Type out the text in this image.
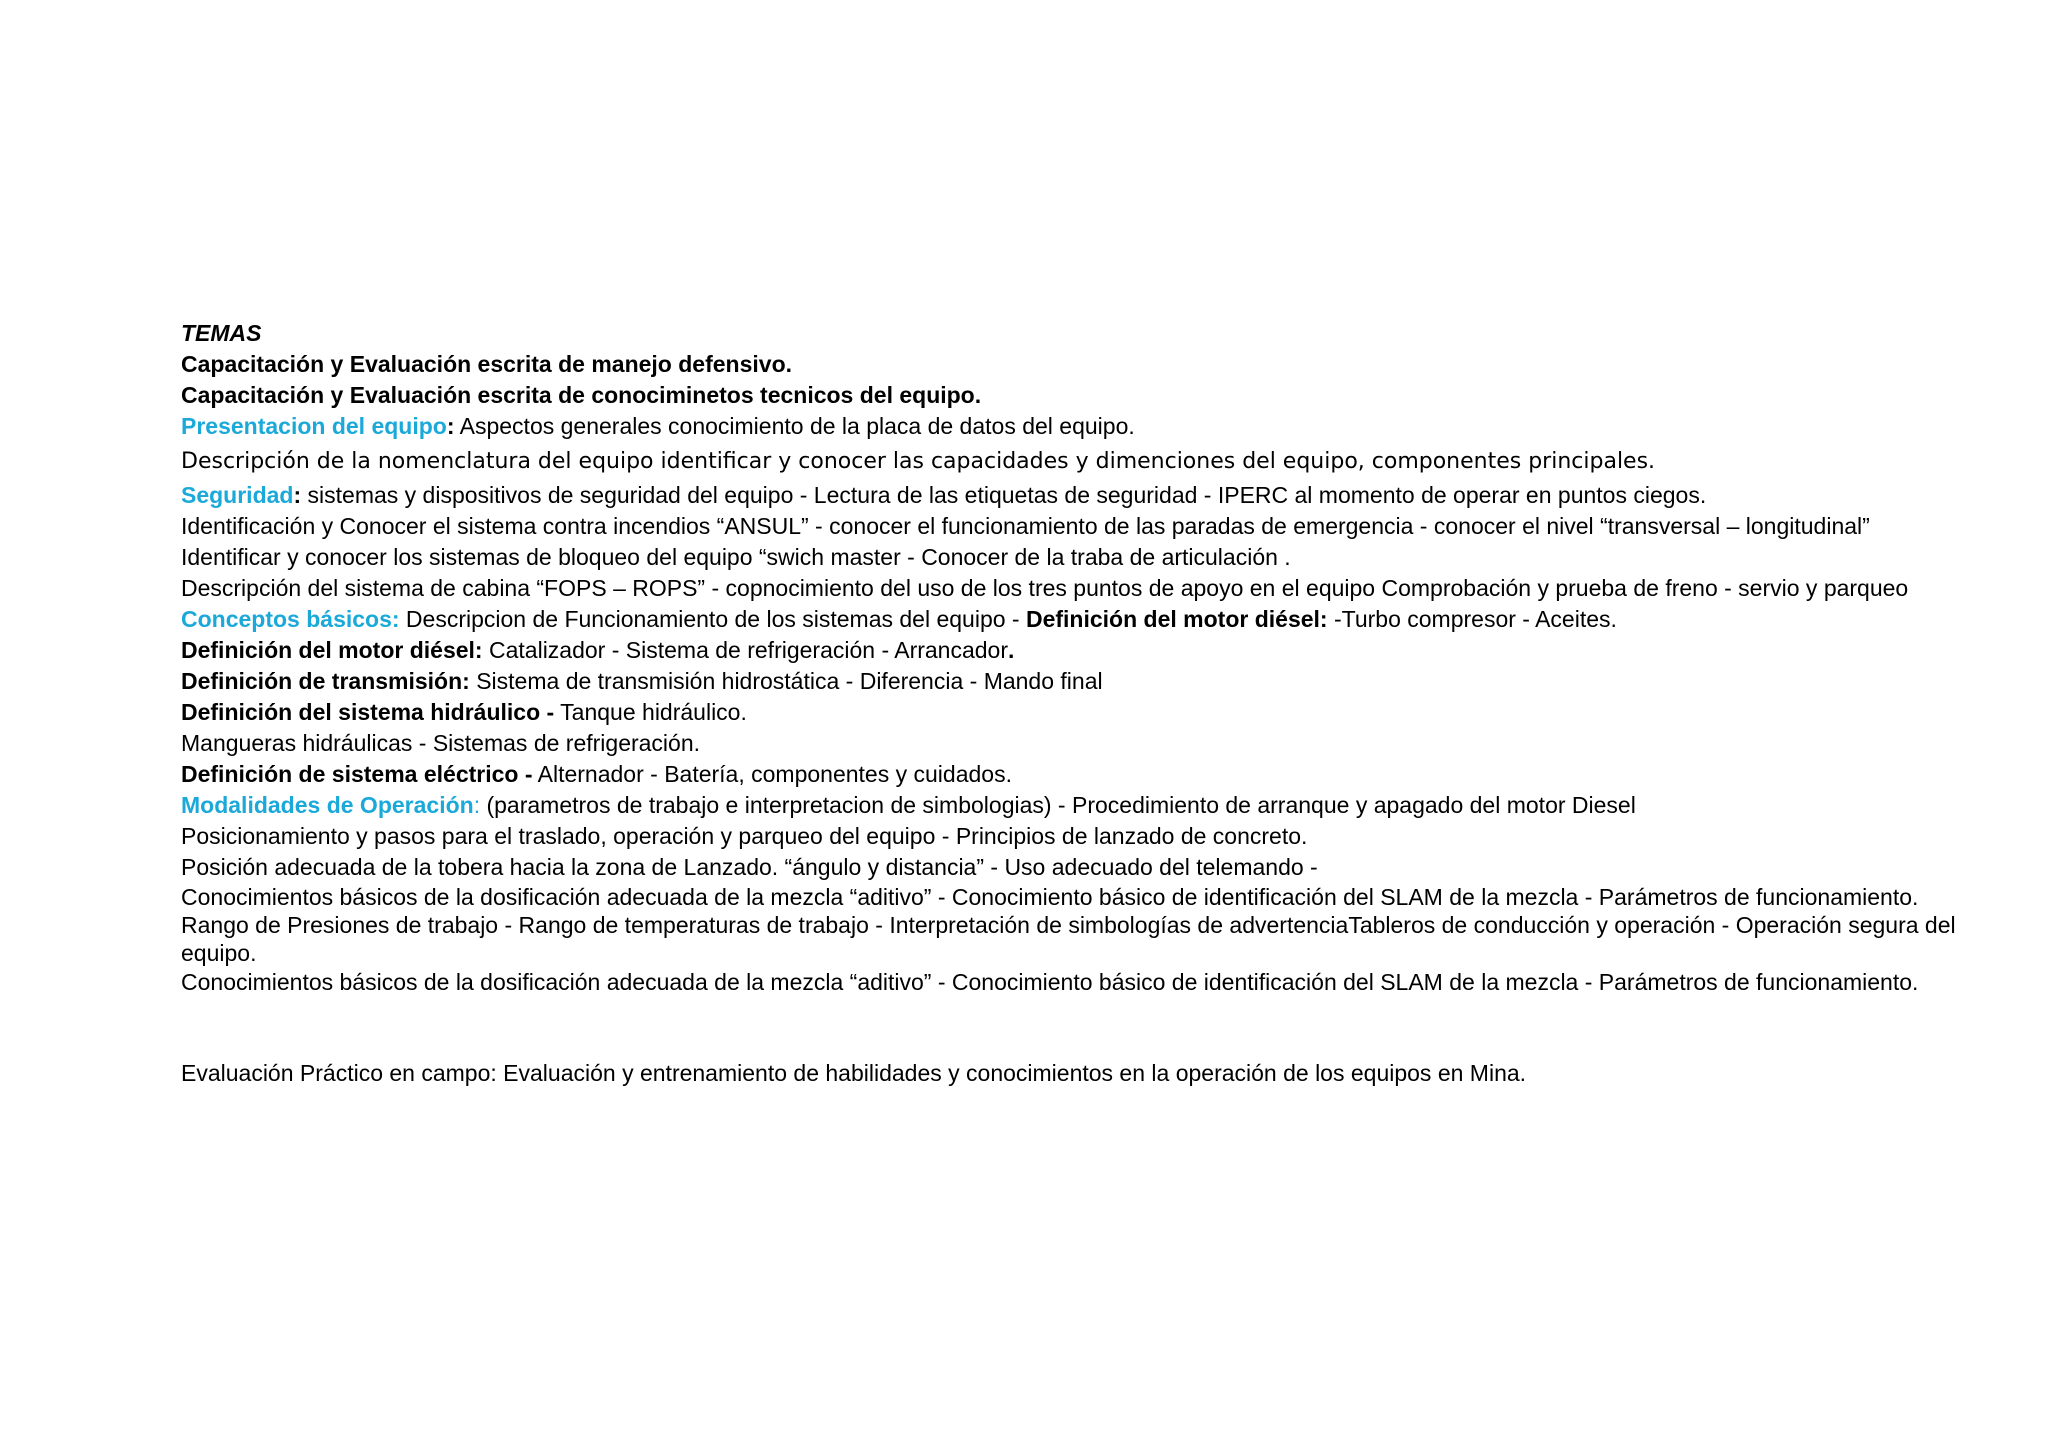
TEMAS
Capacitación y Evaluación escrita de manejo defensivo.
Capacitación y Evaluación escrita de conociminetos tecnicos del equipo.
Presentacion del equipo: Aspectos generales conocimiento de la placa de datos del equipo.
Descripción de la nomenclatura del equipo identificar y conocer las capacidades y dimenciones del equipo, componentes principales.
Seguridad: sistemas y dispositivos de seguridad del equipo - Lectura de las etiquetas de seguridad - IPERC al momento de operar en puntos ciegos.
Identificación y Conocer el sistema contra incendios “ANSUL” - conocer el funcionamiento de las paradas de emergencia - conocer el nivel “transversal – longitudinal”
Identificar y conocer los sistemas de bloqueo del equipo “swich master - Conocer de la traba de articulación .
Descripción del sistema de cabina “FOPS – ROPS” - copnocimiento del uso de los tres puntos de apoyo en el equipo Comprobación y prueba de freno - servio y parqueo
Conceptos básicos: Descripcion de Funcionamiento de los sistemas del equipo - Definición del motor diésel: -Turbo compresor - Aceites.
Definición del motor diésel: Catalizador - Sistema de refrigeración - Arrancador.
Definición de transmisión: Sistema de transmisión hidrostática - Diferencia - Mando final
Definición del sistema hidráulico - Tanque hidráulico.
Mangueras hidráulicas - Sistemas de refrigeración.
Definición de sistema eléctrico - Alternador - Batería, componentes y cuidados.
Modalidades de Operación: (parametros de trabajo e interpretacion de simbologias) - Procedimiento de arranque y apagado del motor Diesel
Posicionamiento y pasos para el traslado, operación y parqueo del equipo - Principios de lanzado de concreto.
Posición adecuada de la tobera hacia la zona de Lanzado. “ángulo y distancia” - Uso adecuado del telemando -
Conocimientos básicos de la dosificación adecuada de la mezcla “aditivo” - Conocimiento básico de identificación del SLAM de la mezcla - Parámetros de funcionamiento.
Rango de Presiones de trabajo - Rango de temperaturas de trabajo - Interpretación de simbologías de advertenciaTableros de conducción y operación - Operación segura del
equipo.
Conocimientos básicos de la dosificación adecuada de la mezcla “aditivo” - Conocimiento básico de identificación del SLAM de la mezcla - Parámetros de funcionamiento.
Evaluación Práctico en campo: Evaluación y entrenamiento de habilidades y conocimientos en la operación de los equipos en Mina.
